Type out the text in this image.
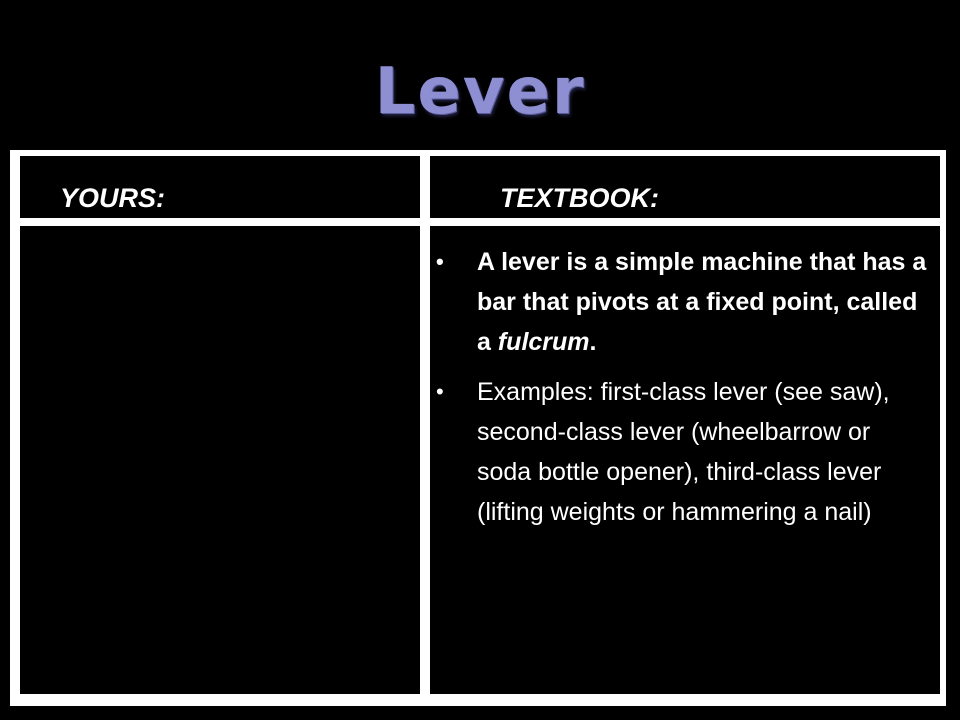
Lever
YOURS:	TEXTBOOK:
• A lever is a simple machine that has a bar that pivots at a fixed point, called a fulcrum.
• Examples: first-class lever (see saw), second-class lever (wheelbarrow or soda bottle opener), third-class lever (lifting weights or hammering a nail)
